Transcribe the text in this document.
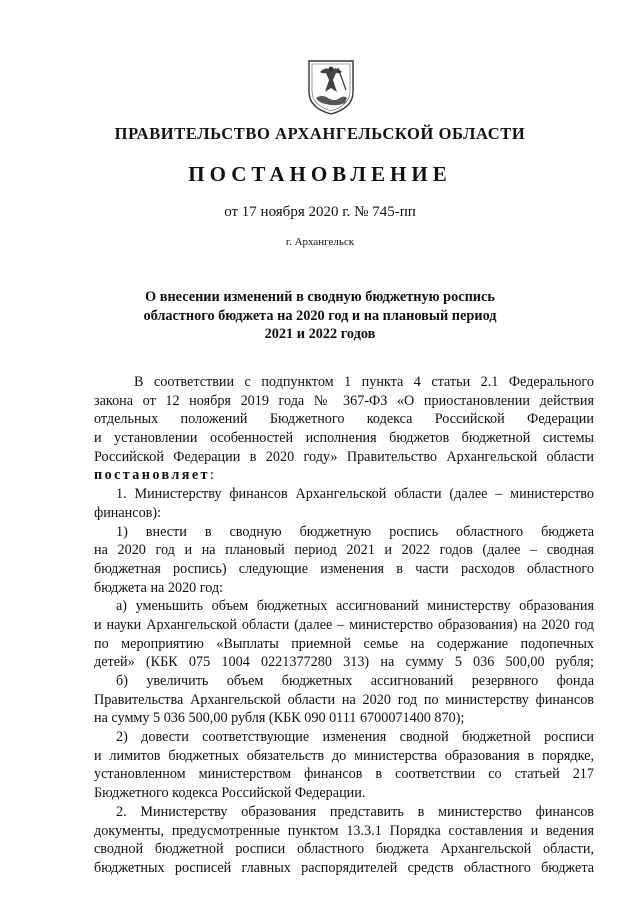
ПРАВИТЕЛЬСТВО АРХАНГЕЛЬСКОЙ ОБЛАСТИ
ПОСТАНОВЛЕНИЕ
от 17 ноября 2020 г. № 745-пп
г. Архангельск
О внесении изменений в сводную бюджетную роспись
областного бюджета на 2020 год и на плановый период
2021 и 2022 годов
В соответствии с подпунктом 1 пункта 4 статьи 2.1 Федерального
закона от 12 ноября 2019 года № 367-ФЗ «О приостановлении действия
отдельных положений Бюджетного кодекса Российской Федерации
и установлении особенностей исполнения бюджетов бюджетной системы
Российской Федерации в 2020 году» Правительство Архангельской области
постановляет:
1. Министерству финансов Архангельской области (далее – министерство
финансов):
1) внести в сводную бюджетную роспись областного бюджета
на 2020 год и на плановый период 2021 и 2022 годов (далее – сводная
бюджетная роспись) следующие изменения в части расходов областного
бюджета на 2020 год:
а) уменьшить объем бюджетных ассигнований министерству образования
и науки Архангельской области (далее – министерство образования) на 2020 год
по мероприятию «Выплаты приемной семье на содержание подопечных
детей» (КБК 075 1004 0221377280 313) на сумму 5 036 500,00 рубля;
б) увеличить объем бюджетных ассигнований резервного фонда
Правительства Архангельской области на 2020 год по министерству финансов
на сумму 5 036 500,00 рубля (КБК 090 0111 6700071400 870);
2) довести соответствующие изменения сводной бюджетной росписи
и лимитов бюджетных обязательств до министерства образования в порядке,
установленном министерством финансов в соответствии со статьей 217
Бюджетного кодекса Российской Федерации.
2. Министерству образования представить в министерство финансов
документы, предусмотренные пунктом 13.3.1 Порядка составления и ведения
сводной бюджетной росписи областного бюджета Архангельской области,
бюджетных росписей главных распорядителей средств областного бюджета
